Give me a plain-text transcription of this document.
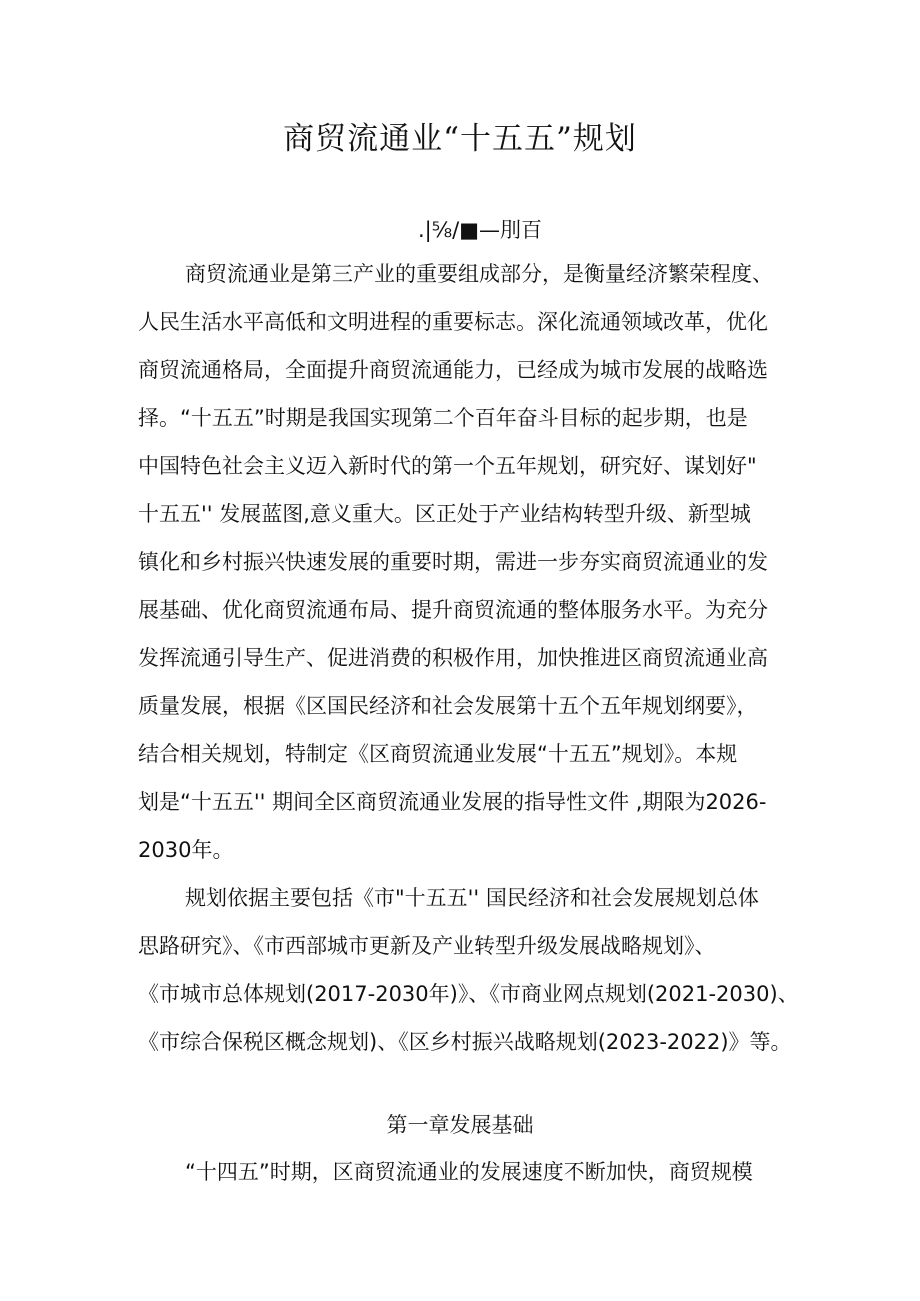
商贸流通业“十五五”规划
.|⅝/■—刖百
商贸流通业是第三产业的重要组成部分，是衡量经济繁荣程度、
人民生活水平高低和文明进程的重要标志。深化流通领域改革，优化
商贸流通格局，全面提升商贸流通能力，已经成为城市发展的战略选
择。“十五五”时期是我国实现第二个百年奋斗目标的起步期，也是
中国特色社会主义迈入新时代的第一个五年规划，研究好、谋划好"
十五五'' 发展蓝图,意义重大。区正处于产业结构转型升级、新型城
镇化和乡村振兴快速发展的重要时期，需进一步夯实商贸流通业的发
展基础、优化商贸流通布局、提升商贸流通的整体服务水平。为充分
发挥流通引导生产、促进消费的积极作用，加快推进区商贸流通业高
质量发展，根据《区国民经济和社会发展第十五个五年规划纲要》，
结合相关规划，特制定《区商贸流通业发展“十五五”规划》。本规
划是“十五五'' 期间全区商贸流通业发展的指导性文件 ,期限为2026-
2030年。
规划依据主要包括《市"十五五'' 国民经济和社会发展规划总体
思路研究》、《市西部城市更新及产业转型升级发展战略规划》、
《市城市总体规划(2017-2030年)》、《市商业网点规划(2021-2030)、
《市综合保税区概念规划)、《区乡村振兴战略规划(2023-2022)》等。
第一章发展基础
“十四五”时期，区商贸流通业的发展速度不断加快，商贸规模
